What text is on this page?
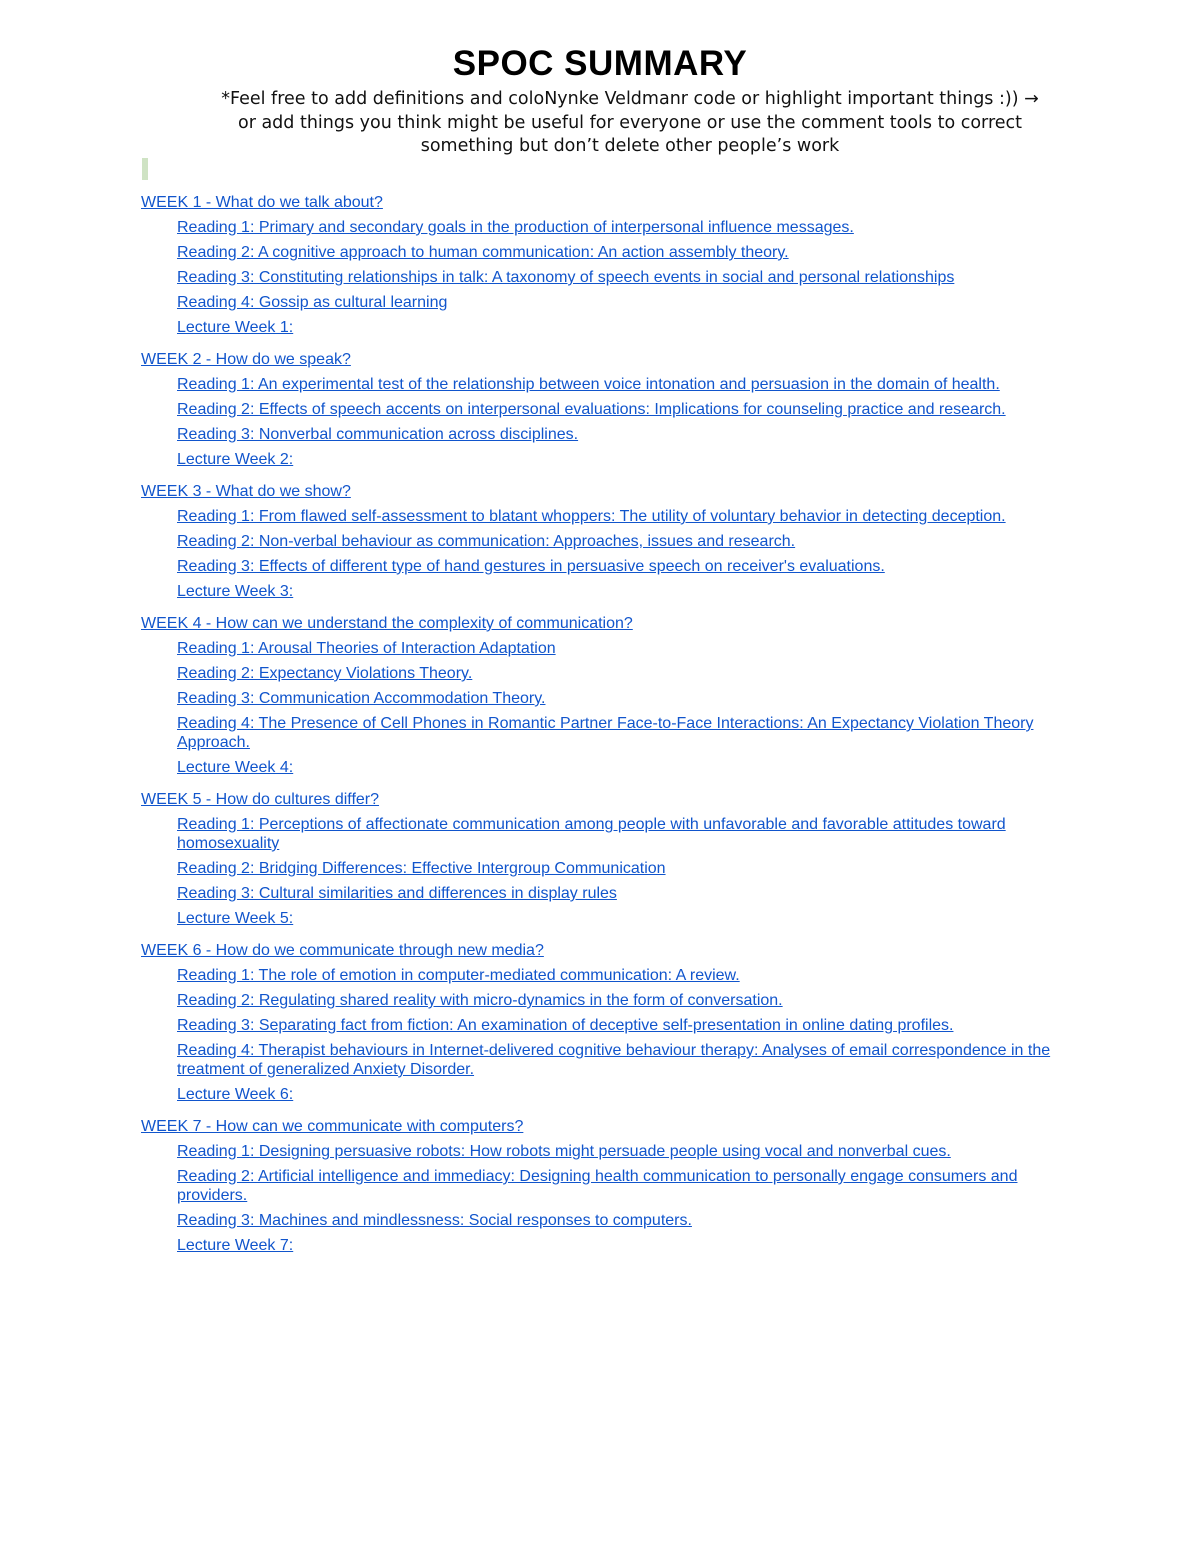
SPOC SUMMARY
*Feel free to add definitions and coloNynke Veldmanr code or highlight important things :)) →
or add things you think might be useful for everyone or use the comment tools to correct
something but don’t delete other people’s work
WEEK 1 - What do we talk about?
Reading 1: Primary and secondary goals in the production of interpersonal influence messages.
Reading 2: A cognitive approach to human communication: An action assembly theory.
Reading 3: Constituting relationships in talk: A taxonomy of speech events in social and personal relationships
Reading 4: Gossip as cultural learning
Lecture Week 1:
WEEK 2 - How do we speak?
Reading 1: An experimental test of the relationship between voice intonation and persuasion in the domain of health.
Reading 2: Effects of speech accents on interpersonal evaluations: Implications for counseling practice and research.
Reading 3: Nonverbal communication across disciplines.
Lecture Week 2:
WEEK 3 - What do we show?
Reading 1: From flawed self-assessment to blatant whoppers: The utility of voluntary behavior in detecting deception.
Reading 2: Non-verbal behaviour as communication: Approaches, issues and research.
Reading 3: Effects of different type of hand gestures in persuasive speech on receiver's evaluations.
Lecture Week 3:
WEEK 4 - How can we understand the complexity of communication?
Reading 1: Arousal Theories of Interaction Adaptation
Reading 2: Expectancy Violations Theory.
Reading 3: Communication Accommodation Theory.
Reading 4: The Presence of Cell Phones in Romantic Partner Face-to-Face Interactions: An Expectancy Violation Theory Approach.
Lecture Week 4:
WEEK 5 - How do cultures differ?
Reading 1: Perceptions of affectionate communication among people with unfavorable and favorable attitudes toward homosexuality
Reading 2: Bridging Differences: Effective Intergroup Communication
Reading 3: Cultural similarities and differences in display rules
Lecture Week 5:
WEEK 6 - How do we communicate through new media?
Reading 1: The role of emotion in computer-mediated communication: A review.
Reading 2: Regulating shared reality with micro-dynamics in the form of conversation.
Reading 3: Separating fact from fiction: An examination of deceptive self-presentation in online dating profiles.
Reading 4: Therapist behaviours in Internet-delivered cognitive behaviour therapy: Analyses of email correspondence in the treatment of generalized Anxiety Disorder.
Lecture Week 6:
WEEK 7 - How can we communicate with computers?
Reading 1: Designing persuasive robots: How robots might persuade people using vocal and nonverbal cues.
Reading 2: Artificial intelligence and immediacy: Designing health communication to personally engage consumers and providers.
Reading 3: Machines and mindlessness: Social responses to computers.
Lecture Week 7:
